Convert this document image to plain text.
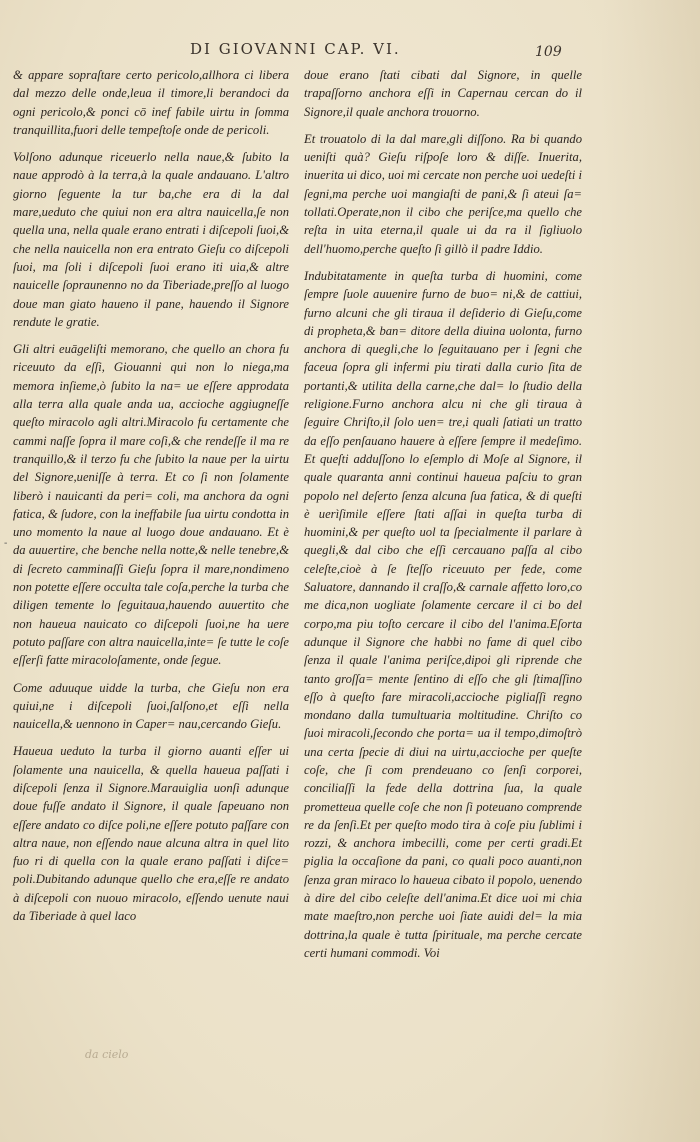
DI GIOVANNI CAP. VI.	109

& appare sopraſtare certo pericolo,allhora ci libera dal mezzo delle onde,leua il timore,li berandoci da ogni pericolo,& ponci cō inef fabile uirtu in ſomma tranquillita,fuori delle tempeſtoſe onde de pericoli.

Volſono adunque riceuerlo nella naue,& ſubito la naue approdò à la terra,à la quale andauano. L'altro giorno ſeguente la tur ba,che era di la dal mare,ueduto che quiui non era altra nauicella,ſe non quella una, nella quale erano entrati i diſcepoli ſuoi,& che nella nauicella non era entrato Gieſu co diſcepoli ſuoi, ma ſoli i diſcepoli ſuoi erano iti uia,& altre nauicelle ſopraunenno no da Tiberiade,preſſo al luogo doue man giato haueno il pane, hauendo il Signore rendute le gratie.

Gli altri euāgeliſti memorano, che quello an chora fu riceuuto da eſſi, Giouanni qui non lo niega,ma memora inſieme,ò ſubito la na= ue eſſere approdata alla terra alla quale anda ua, accioche aggiugneſſe queſto miracolo agli altri.Miracolo fu certamente che cammi naſſe ſopra il mare coſi,& che rendeſſe il ma re tranquillo,& il terzo fu che ſubito la naue per la uirtu del Signore,ueniſſe à terra. Et co ſi non ſolamente liberò i nauicanti da peri= coli, ma anchora da ogni fatica, & ſudore, con la ineffabile ſua uirtu condotta in uno momento la naue al luogo doue andauano. Et è da auuertire, che benche nella notte,& nelle tenebre,& di ſecreto camminaſſi Gieſu ſopra il mare,nondimeno non potette eſſere occulta tale coſa,perche la turba che diligen temente lo ſeguitaua,hauendo auuertito che non haueua nauicato co diſcepoli ſuoi,ne ha uere potuto paſſare con altra nauicella,inte= ſe tutte le coſe eſſerſi fatte miracoloſamente, onde ſegue.

Come aduuque uidde la turba, che Gieſu non era quiui,ne i diſcepoli ſuoi,ſalſono,et eſſi nella nauicella,& uennono in Caper= nau,cercando Gieſu.

Haueua ueduto la turba il giorno auanti eſſer ui ſolamente una nauicella, & quella haueua paſſati i diſcepoli ſenza il Signore.Marauiglia uonſi adunque doue fuſſe andato il Signore, il quale ſapeuano non eſſere andato co diſce poli,ne eſſere potuto paſſare con altra naue, non eſſendo naue alcuna altra in quel lito fuo ri di quella con la quale erano paſſati i diſce= poli.Dubitando adunque quello che era,eſſe re andato à diſcepoli con nuouo miracolo, eſſendo uenute naui da Tiberiade à quel laco

doue erano ſtati cibati dal Signore, in quelle trapaſſorno anchora eſſi in Capernau cercan do il Signore,il quale anchora trouorno.

Et trouatolo di la dal mare,gli diſſono. Ra bi quando ueniſti quà? Gieſu riſpoſe loro & diſſe. Inuerita, inuerita ui dico, uoi mi cercate non perche uoi uedeſti i ſegni,ma perche uoi mangiaſti de pani,& ſi ateui ſa= tollati.Operate,non il cibo che periſce,ma quello che reſta in uita eterna,il quale ui da ra il ſigliuolo dell'huomo,perche queſto ſi gillò il padre Iddio.

Indubitatamente in queſta turba di huomini, come ſempre ſuole auuenire furno de buo= ni,& de cattiui, furno alcuni che gli tiraua il deſiderio di Gieſu,come di propheta,& ban= ditore della diuina uolonta, furno anchora di quegli,che lo ſeguitauano per i ſegni che faceua ſopra gli infermi piu tirati dalla curio ſita de portanti,& utilita della carne,che dal= lo ſtudio della religione.Furno anchora alcu ni che gli tiraua à ſeguire Chriſto,il ſolo uen= tre,i quali ſatiati un tratto da eſſo penſauano hauere à eſſere ſempre il medeſimo. Et queſti adduſſono lo eſemplo di Moſe al Signore, il quale quaranta anni continui haueua paſciu to gran popolo nel deſerto ſenza alcuna ſua fatica, & di queſti è uerìſimile eſſere ſtati aſſai in queſta turba di huomini,& per queſto uol ta ſpecialmente il parlare à quegli,& dal cibo che eſſi cercauano paſſa al cibo celeſte,cioè à ſe ſteſſo riceuuto per fede, come Saluatore, dannando il craſſo,& carnale affetto loro,co me dica,non uogliate ſolamente cercare il ci bo del corpo,ma piu toſto cercare il cibo del l'anima.Eſorta adunque il Signore che habbi no fame di quel cibo ſenza il quale l'anima periſce,dipoi gli riprende che tanto groſſa= mente ſentino di eſſo che gli ſtimaſſino eſſo à queſto fare miracoli,accioche pigliaſſi regno mondano dalla tumultuaria moltitudine. Chriſto co ſuoi miracoli,ſecondo che porta= ua il tempo,dimoſtrò una certa ſpecie di diui na uirtu,accioche per queſte coſe, che ſi com prendeuano co ſenſi corporei, conciliaſſi la fede della dottrina ſua, la quale prometteua quelle coſe che non ſi poteuano comprende re da ſenſi.Et per queſto modo tira à coſe piu ſublimi i rozzi, & anchora imbecilli, come per certi gradi.Et piglia la occaſione da pani, co quali poco auanti,non ſenza gran miraco lo haueua cibato il popolo, uenendo à dire del cibo celeſte dell'anima.Et dice uoi mi chia mate maeſtro,non perche uoi ſiate auidi del= la mia dottrina,la quale è tutta ſpirituale, ma perche cercate certi humani commodi. Voi

-
da cielo
